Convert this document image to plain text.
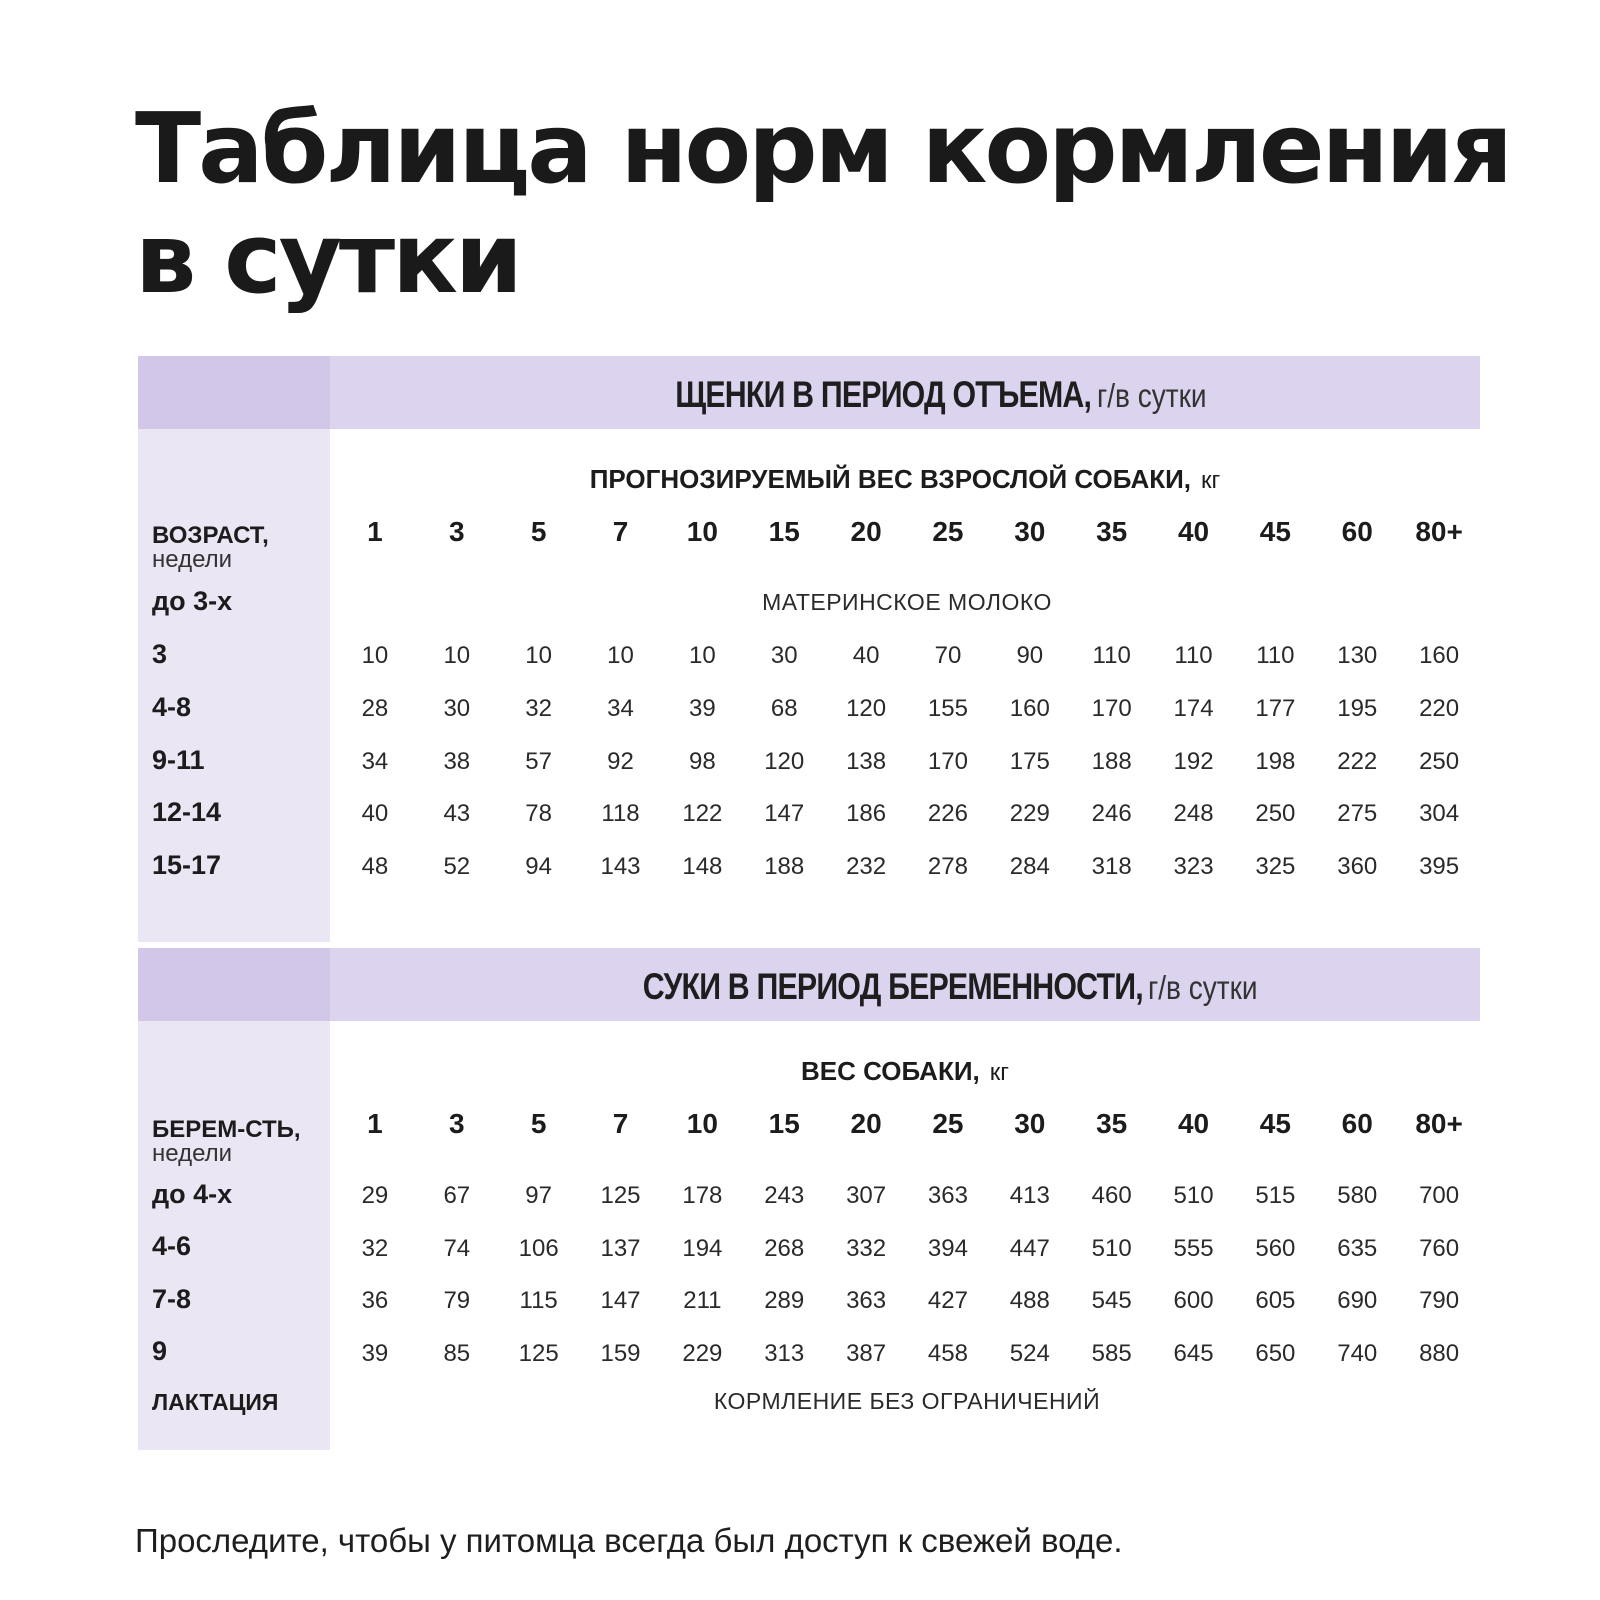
Таблица норм кормления
в сутки
ЩЕНКИ В ПЕРИОД ОТЪЕМА, г/в сутки
ПРОГНОЗИРУЕМЫЙ ВЕС ВЗРОСЛОЙ СОБАКИ, кг
ВОЗРАСТ,
недели
1	3	5	7	10	15	20	25	30	35	40	45	60	80+
до 3-х	МАТЕРИНСКОЕ МОЛОКО
3	10	10	10	10	10	30	40	70	90	110	110	110	130	160
4-8	28	30	32	34	39	68	120	155	160	170	174	177	195	220
9-11	34	38	57	92	98	120	138	170	175	188	192	198	222	250
12-14	40	43	78	118	122	147	186	226	229	246	248	250	275	304
15-17	48	52	94	143	148	188	232	278	284	318	323	325	360	395
СУКИ В ПЕРИОД БЕРЕМЕННОСТИ, г/в сутки
ВЕС СОБАКИ, кг
БЕРЕМ-СТЬ,
недели
1	3	5	7	10	15	20	25	30	35	40	45	60	80+
до 4-х	29	67	97	125	178	243	307	363	413	460	510	515	580	700
4-6	32	74	106	137	194	268	332	394	447	510	555	560	635	760
7-8	36	79	115	147	211	289	363	427	488	545	600	605	690	790
9	39	85	125	159	229	313	387	458	524	585	645	650	740	880
ЛАКТАЦИЯ	КОРМЛЕНИЕ БЕЗ ОГРАНИЧЕНИЙ

Проследите, чтобы у питомца всегда был доступ к свежей воде.
